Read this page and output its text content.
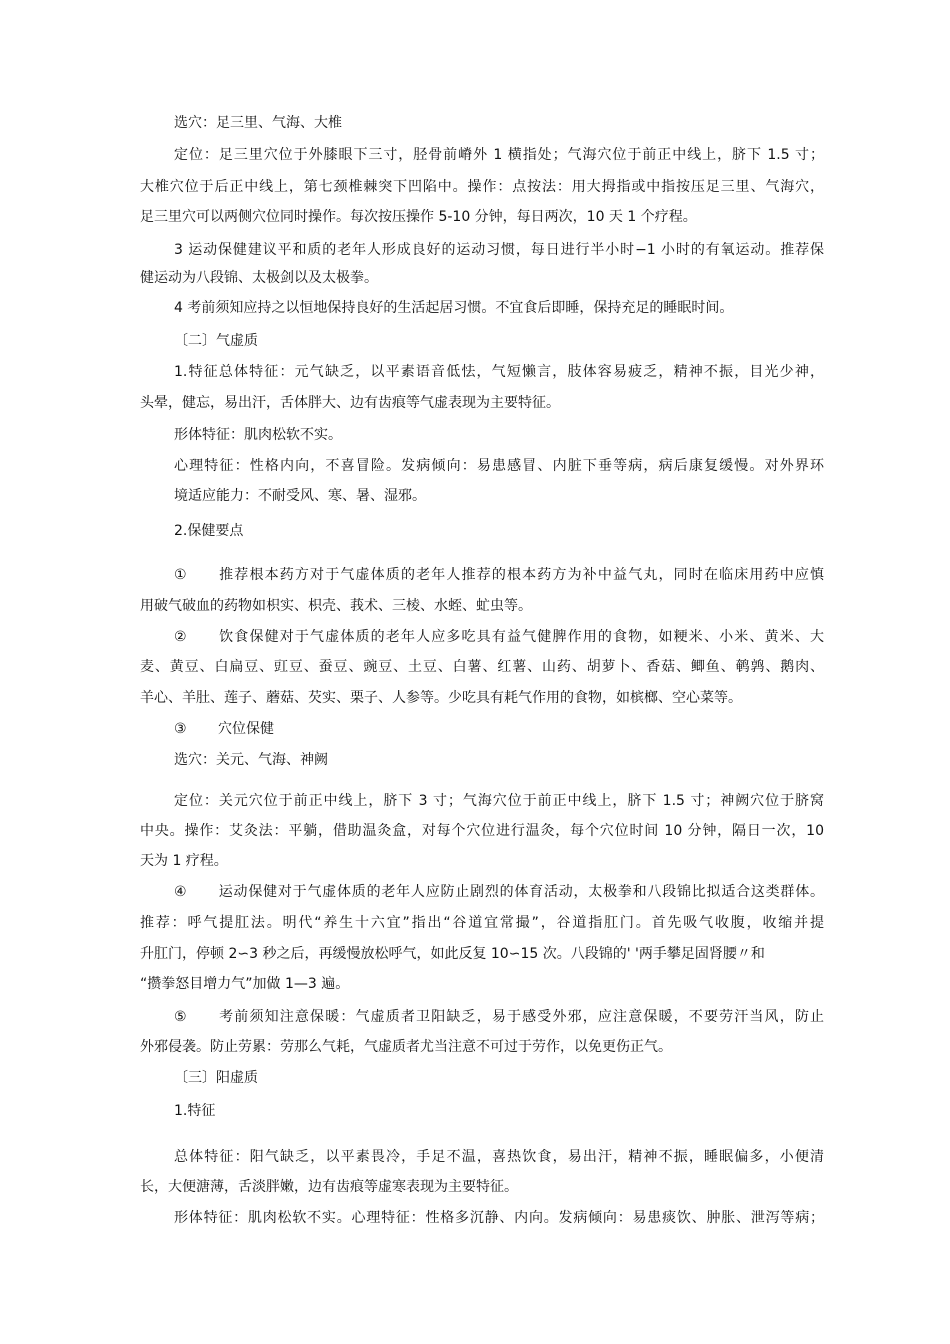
选穴：足三里、气海、大椎
定位：足三里穴位于外膝眼下三寸，胫骨前嵴外 1 横指处；气海穴位于前正中线上，脐下 1.5 寸；
大椎穴位于后正中线上，第七颈椎棘突下凹陷中。操作：点按法：用大拇指或中指按压足三里、气海穴，
足三里穴可以两侧穴位同时操作。每次按压操作 5-10 分钟，每日两次，10 天 1 个疗程。
3 运动保健建议平和质的老年人形成良好的运动习惯，每日进行半小时−1 小时的有氧运动。推荐保
健运动为八段锦、太极剑以及太极拳。
4 考前须知应持之以恒地保持良好的生活起居习惯。不宜食后即睡，保持充足的睡眠时间。
〔二〕气虚质
1.特征总体特征：元气缺乏，以平素语音低怯，气短懒言，肢体容易疲乏，精神不振，目光少神，
头晕，健忘，易出汗，舌体胖大、边有齿痕等气虚表现为主要特征。
形体特征：肌肉松软不实。
心理特征：性格内向，不喜冒险。发病倾向：易患感冒、内脏下垂等病，病后康复缓慢。对外界环
境适应能力：不耐受风、寒、暑、湿邪。
2.保健要点
① 推荐根本药方对于气虚体质的老年人推荐的根本药方为补中益气丸，同时在临床用药中应慎
用破气破血的药物如枳实、枳壳、莪术、三棱、水蛭、虻虫等。
② 饮食保健对于气虚体质的老年人应多吃具有益气健脾作用的食物，如粳米、小米、黄米、大
麦、黄豆、白扁豆、豇豆、蚕豆、豌豆、土豆、白薯、红薯、山药、胡萝卜、香菇、鲫鱼、鹌鹑、鹅肉、
羊心、羊肚、莲子、蘑菇、芡实、栗子、人参等。少吃具有耗气作用的食物，如槟榔、空心菜等。
③ 穴位保健
选穴：关元、气海、神阙
定位：关元穴位于前正中线上，脐下 3 寸；气海穴位于前正中线上，脐下 1.5 寸；神阙穴位于脐窝
中央。操作：艾灸法：平躺，借助温灸盒，对每个穴位进行温灸，每个穴位时间 10 分钟，隔日一次，10
天为 1 疗程。
④ 运动保健对于气虚体质的老年人应防止剧烈的体育活动，太极拳和八段锦比拟适合这类群体。
推荐：呼气提肛法。明代“养生十六宜”指出“谷道宜常撮”，谷道指肛门。首先吸气收腹，收缩并提
升肛门，停顿 2∽3 秒之后，再缓慢放松呼气，如此反复 10∽15 次。八段锦的' '两手攀足固肾腰〃和
“攒拳怒目增力气”加做 1—3 遍。
⑤ 考前须知注意保暖：气虚质者卫阳缺乏，易于感受外邪，应注意保暖，不要劳汗当风，防止
外邪侵袭。防止劳累：劳那么气耗，气虚质者尤当注意不可过于劳作，以免更伤正气。
〔三〕阳虚质
1.特征
总体特征：阳气缺乏，以平素畏冷，手足不温，喜热饮食，易出汗，精神不振，睡眠偏多，小便清
长，大便溏薄，舌淡胖嫩，边有齿痕等虚寒表现为主要特征。
形体特征：肌肉松软不实。心理特征：性格多沉静、内向。发病倾向：易患痰饮、肿胀、泄泻等病；
